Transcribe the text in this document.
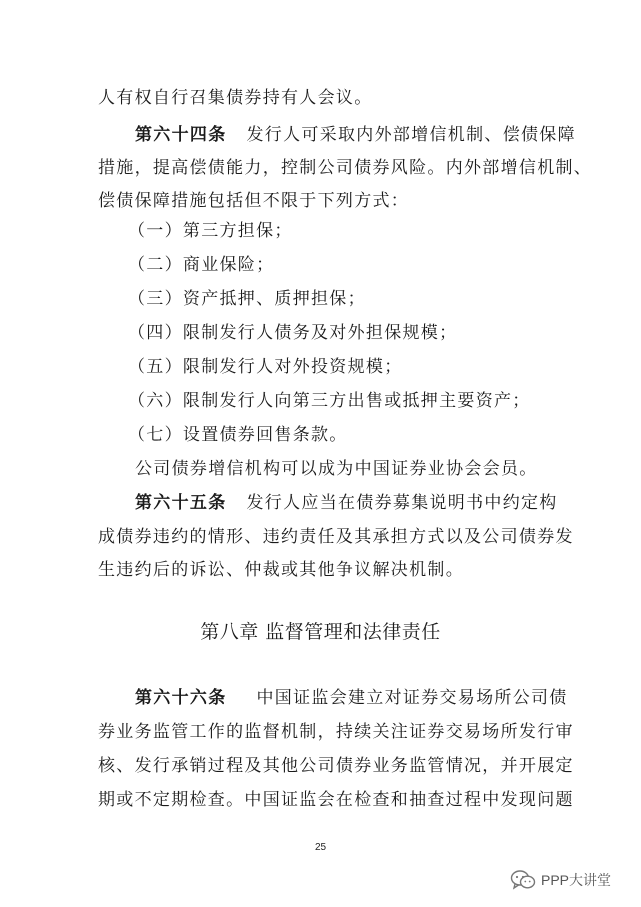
人有权自行召集债券持有人会议。
第六十四条 发行人可采取内外部增信机制、偿债保障
措施，提高偿债能力，控制公司债券风险。内外部增信机制、
偿债保障措施包括但不限于下列方式：
（一）第三方担保；
（二）商业保险；
（三）资产抵押、质押担保；
（四）限制发行人债务及对外担保规模；
（五）限制发行人对外投资规模；
（六）限制发行人向第三方出售或抵押主要资产；
（七）设置债券回售条款。
公司债券增信机构可以成为中国证券业协会会员。
第六十五条 发行人应当在债券募集说明书中约定构
成债券违约的情形、违约责任及其承担方式以及公司债券发
生违约后的诉讼、仲裁或其他争议解决机制。
第八章 监督管理和法律责任
第六十六条 中国证监会建立对证券交易场所公司债
券业务监管工作的监督机制，持续关注证券交易场所发行审
核、发行承销过程及其他公司债券业务监管情况，并开展定
期或不定期检查。中国证监会在检查和抽查过程中发现问题
25
PPP大讲堂
